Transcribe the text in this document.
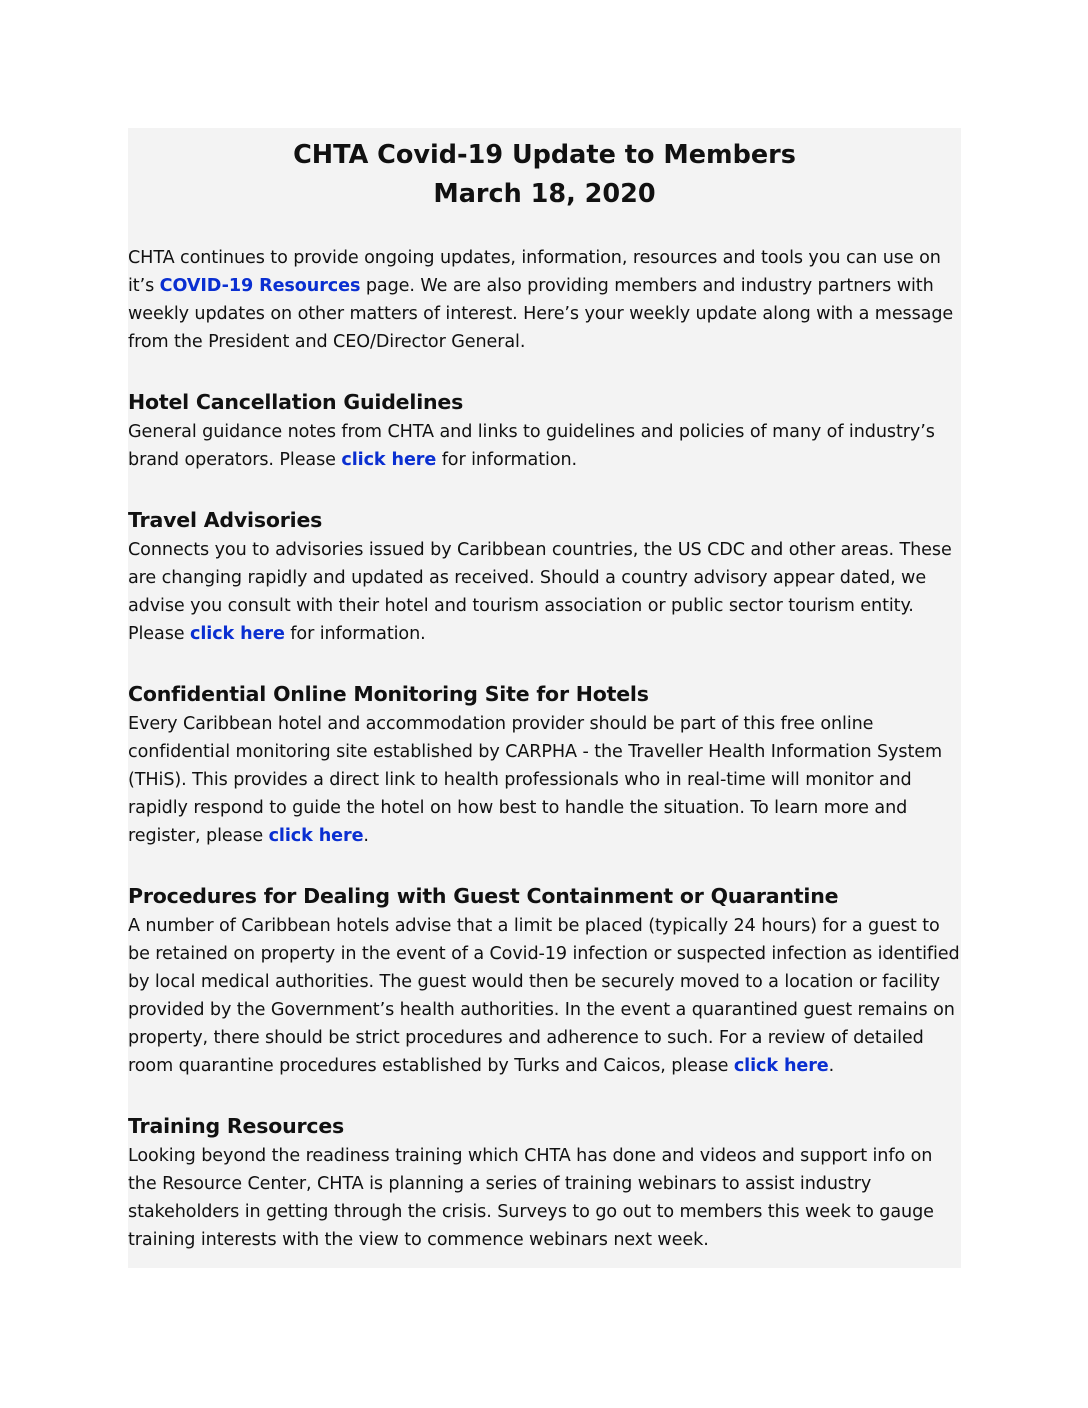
CHTA Covid-19 Update to Members
March 18, 2020

CHTA continues to provide ongoing updates, information, resources and tools you can use on it’s COVID-19 Resources page. We are also providing members and industry partners with weekly updates on other matters of interest. Here’s your weekly update along with a message from the President and CEO/Director General.

Hotel Cancellation Guidelines

General guidance notes from CHTA and links to guidelines and policies of many of industry’s brand operators. Please click here for information.

Travel Advisories

Connects you to advisories issued by Caribbean countries, the US CDC and other areas. These are changing rapidly and updated as received. Should a country advisory appear dated, we advise you consult with their hotel and tourism association or public sector tourism entity. Please click here for information.

Confidential Online Monitoring Site for Hotels

Every Caribbean hotel and accommodation provider should be part of this free online confidential monitoring site established by CARPHA - the Traveller Health Information System (THiS). This provides a direct link to health professionals who in real-time will monitor and rapidly respond to guide the hotel on how best to handle the situation. To learn more and register, please click here.

Procedures for Dealing with Guest Containment or Quarantine

A number of Caribbean hotels advise that a limit be placed (typically 24 hours) for a guest to be retained on property in the event of a Covid-19 infection or suspected infection as identified by local medical authorities. The guest would then be securely moved to a location or facility provided by the Government’s health authorities. In the event a quarantined guest remains on property, there should be strict procedures and adherence to such. For a review of detailed room quarantine procedures established by Turks and Caicos, please click here.

Training Resources

Looking beyond the readiness training which CHTA has done and videos and support info on the Resource Center, CHTA is planning a series of training webinars to assist industry stakeholders in getting through the crisis. Surveys to go out to members this week to gauge training interests with the view to commence webinars next week.
